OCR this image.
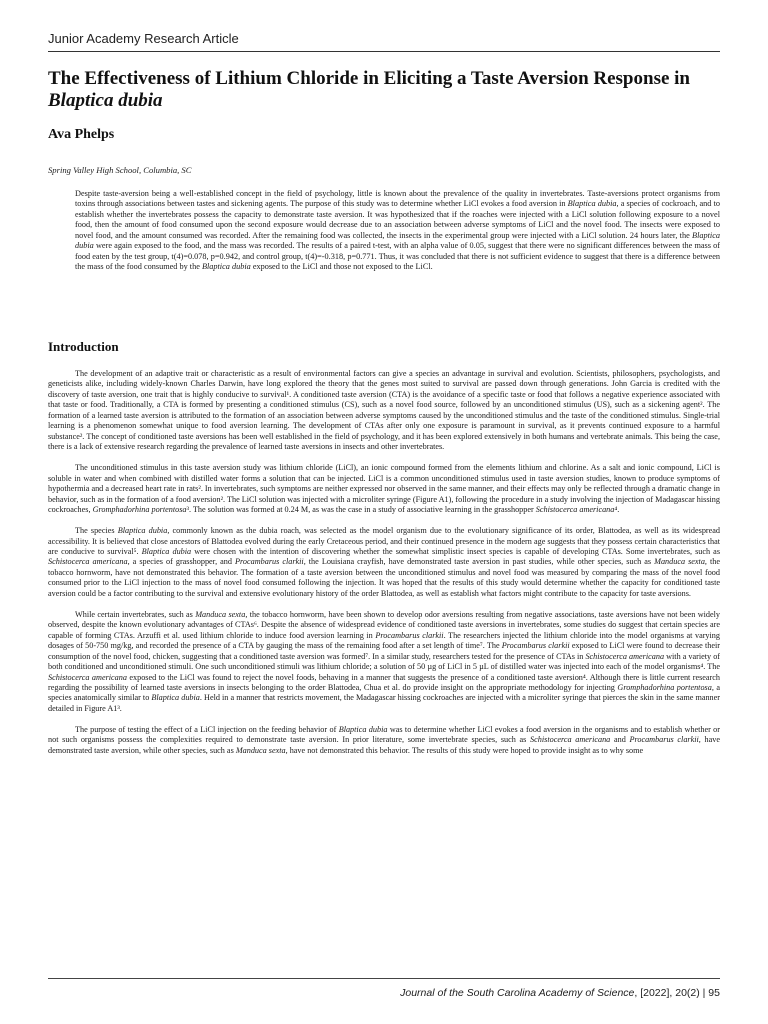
Junior Academy Research Article
The Effectiveness of Lithium Chloride in Eliciting a Taste Aversion Response in Blaptica dubia

Ava Phelps

Spring Valley High School, Columbia, SC

Despite taste-aversion being a well-established concept in the field of psychology, little is known about the prevalence of the quality in invertebrates. Taste-aversions protect organisms from toxins through associations between tastes and sickening agents. The purpose of this study was to determine whether LiCl evokes a food aversion in Blaptica dubia, a species of cockroach, and to establish whether the invertebrates possess the capacity to demonstrate taste aversion. It was hypothesized that if the roaches were injected with a LiCl solution following exposure to a novel food, then the amount of food consumed upon the second exposure would decrease due to an association between adverse symptoms of LiCl and the novel food. The insects were exposed to novel food, and the amount consumed was recorded. After the remaining food was collected, the insects in the experimental group were injected with a LiCl solution. 24 hours later, the Blaptica dubia were again exposed to the food, and the mass was recorded. The results of a paired t-test, with an alpha value of 0.05, suggest that there were no significant differences between the mass of food eaten by the test group, t(4)=0.078, p=0.942, and control group, t(4)=-0.318, p=0.771. Thus, it was concluded that there is not sufficient evidence to suggest that there is a difference between the mass of the food consumed by the Blaptica dubia exposed to the LiCl and those not exposed to the LiCl.

Introduction

The development of an adaptive trait or characteristic as a result of environmental factors can give a species an advantage in survival and evolution. Scientists, philosophers, psychologists, and geneticists alike, including widely-known Charles Darwin, have long explored the theory that the genes most suited to survival are passed down through generations. John Garcia is credited with the discovery of taste aversion, one trait that is highly conducive to survival¹. A conditioned taste aversion (CTA) is the avoidance of a specific taste or food that follows a negative experience associated with that taste or food. Traditionally, a CTA is formed by presenting a conditioned stimulus (CS), such as a novel food source, followed by an unconditioned stimulus (US), such as a sickening agent². The formation of a learned taste aversion is attributed to the formation of an association between adverse symptoms caused by the unconditioned stimulus and the taste of the conditioned stimulus. Single-trial learning is a phenomenon somewhat unique to food aversion learning. The development of CTAs after only one exposure is paramount in survival, as it prevents continued exposure to a harmful substance². The concept of conditioned taste aversions has been well established in the field of psychology, and it has been explored extensively in both humans and vertebrate animals. This being the case, there is a lack of extensive research regarding the prevalence of learned taste aversions in insects and other invertebrates.

The unconditioned stimulus in this taste aversion study was lithium chloride (LiCl), an ionic compound formed from the elements lithium and chlorine. As a salt and ionic compound, LiCl is soluble in water and when combined with distilled water forms a solution that can be injected. LiCl is a common unconditioned stimulus used in taste aversion studies, known to produce symptoms of hypothermia and a decreased heart rate in rats². In invertebrates, such symptoms are neither expressed nor observed in the same manner, and their effects may only be reflected through a dramatic change in behavior, such as in the formation of a food aversion². The LiCl solution was injected with a microliter syringe (Figure A1), following the procedure in a study involving the injection of Madagascar hissing cockroaches, Gromphadorhina portentosa³. The solution was formed at 0.24 M, as was the case in a study of associative learning in the grasshopper Schistocerca americana⁴.

The species Blaptica dubia, commonly known as the dubia roach, was selected as the model organism due to the evolutionary significance of its order, Blattodea, as well as its widespread accessibility. It is believed that close ancestors of Blattodea evolved during the early Cretaceous period, and their continued presence in the modern age suggests that they possess certain characteristics that are conducive to survival⁵. Blaptica dubia were chosen with the intention of discovering whether the somewhat simplistic insect species is capable of developing CTAs. Some invertebrates, such as Schistocerca americana, a species of grasshopper, and Procambarus clarkii, the Louisiana crayfish, have demonstrated taste aversion in past studies, while other species, such as Manduca sexta, the tobacco hornworm, have not demonstrated this behavior. The formation of a taste aversion between the unconditioned stimulus and novel food was measured by comparing the mass of the novel food consumed prior to the LiCl injection to the mass of novel food consumed following the injection. It was hoped that the results of this study would determine whether the capacity for conditioned taste aversion could be a factor contributing to the survival and extensive evolutionary history of the order Blattodea, as well as establish what factors might contribute to the capacity for taste aversions.

While certain invertebrates, such as Manduca sexta, the tobacco hornworm, have been shown to develop odor aversions resulting from negative associations, taste aversions have not been widely observed, despite the known evolutionary advantages of CTAs⁶. Despite the absence of widespread evidence of conditioned taste aversions in invertebrates, some studies do suggest that certain species are capable of forming CTAs. Arzuffi et al. used lithium chloride to induce food aversion learning in Procambarus clarkii. The researchers injected the lithium chloride into the model organisms at varying dosages of 50-750 mg/kg, and recorded the presence of a CTA by gauging the mass of the remaining food after a set length of time⁷. The Procambarus clarkii exposed to LiCl were found to decrease their consumption of the novel food, chicken, suggesting that a conditioned taste aversion was formed⁷. In a similar study, researchers tested for the presence of CTAs in Schistocerca americana with a variety of both conditioned and unconditioned stimuli. One such unconditioned stimuli was lithium chloride; a solution of 50 µg of LiCl in 5 µL of distilled water was injected into each of the model organisms⁴. The Schistocerca americana exposed to the LiCl was found to reject the novel foods, behaving in a manner that suggests the presence of a conditioned taste aversion⁴. Although there is little current research regarding the possibility of learned taste aversions in insects belonging to the order Blattodea, Chua et al. do provide insight on the appropriate methodology for injecting Gromphadorhina portentosa, a species anatomically similar to Blaptica dubia. Held in a manner that restricts movement, the Madagascar hissing cockroaches are injected with a microliter syringe that pierces the skin in the same manner detailed in Figure A1³.

The purpose of testing the effect of a LiCl injection on the feeding behavior of Blaptica dubia was to determine whether LiCl evokes a food aversion in the organisms and to establish whether or not such organisms possess the complexities required to demonstrate taste aversion. In prior literature, some invertebrate species, such as Schistocerca americana and Procambarus clarkii, have demonstrated taste aversion, while other species, such as Manduca sexta, have not demonstrated this behavior. The results of this study were hoped to provide insight as to why some

Journal of the South Carolina Academy of Science, [2022], 20(2) | 95
